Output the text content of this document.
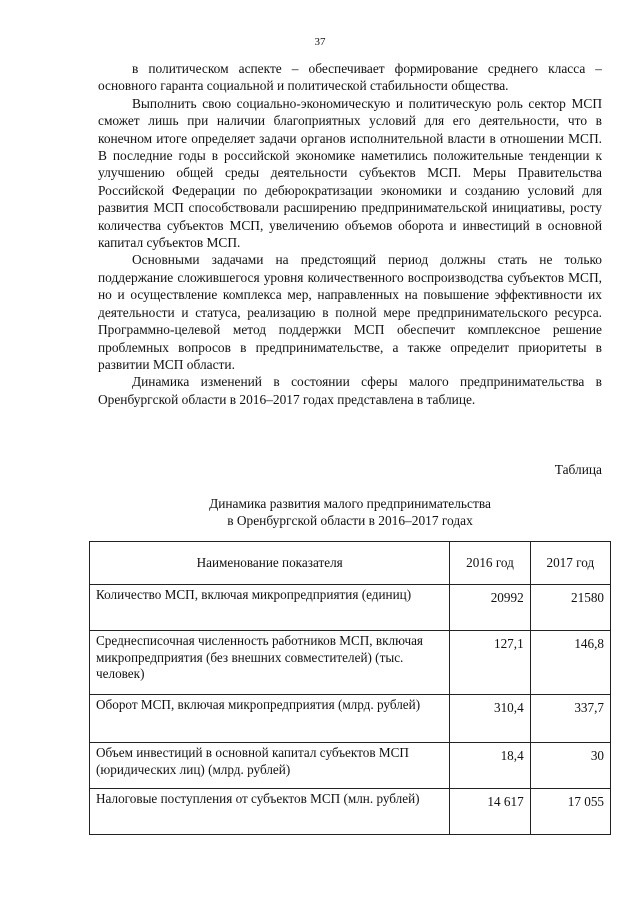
37

в политическом аспекте – обеспечивает формирование среднего класса – основного гаранта социальной и политической стабильности общества.

Выполнить свою социально-экономическую и политическую роль сектор МСП сможет лишь при наличии благоприятных условий для его деятельности, что в конечном итоге определяет задачи органов исполнительной власти в отношении МСП. В последние годы в российской экономике наметились положительные тенденции к улучшению общей среды деятельности субъектов МСП. Меры Правительства Российской Федерации по дебюрократизации экономики и созданию условий для развития МСП способствовали расширению предпринимательской инициативы, росту количества субъектов МСП, увеличению объемов оборота и инвестиций в основной капитал субъектов МСП.

Основными задачами на предстоящий период должны стать не только поддержание сложившегося уровня количественного воспроизводства субъектов МСП, но и осуществление комплекса мер, направленных на повышение эффективности их деятельности и статуса, реализацию в полной мере предпринимательского ресурса. Программно-целевой метод поддержки МСП обеспечит комплексное решение проблемных вопросов в предпринимательстве, а также определит приоритеты в развитии МСП области.

Динамика изменений в состоянии сферы малого предпринимательства в Оренбургской области в 2016–2017 годах представлена в таблице.

Таблица
Динамика развития малого предпринимательства
в Оренбургской области в 2016–2017 годах
Наименование показателя	2016 год	2017 год
Количество МСП, включая микропредприятия (единиц)	20992	21580
Среднесписочная численность работников МСП, включая микропредприятия (без внешних совместителей) (тыс. человек)	127,1	146,8
Оборот МСП, включая микропредприятия (млрд. рублей)	310,4	337,7
Объем инвестиций в основной капитал субъектов МСП (юридических лиц) (млрд. рублей)	18,4	30
Налоговые поступления от субъектов МСП (млн. рублей)	14 617	17 055
